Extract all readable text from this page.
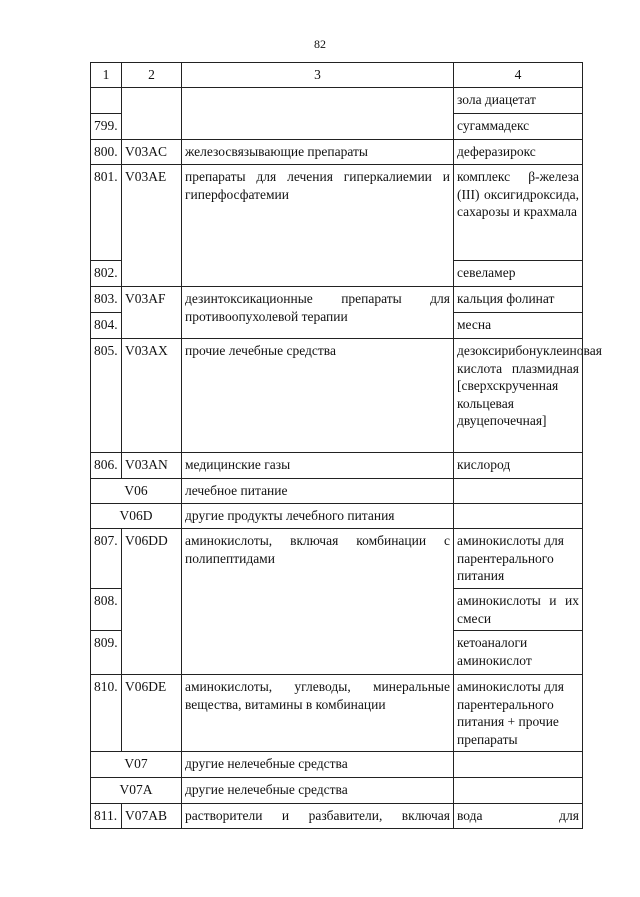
82
1	2	3	4
			зола диацетат
799.			сугаммадекс
800.	V03AC	железосвязывающие препараты	деферазирокс
801.	V03AE	препараты для лечения гиперкалиемии и гиперфосфатемии	комплекс β-железа (III) оксигидроксида, сахарозы и крахмала
802.			севеламер
803.	V03AF	дезинтоксикационные препараты для противоопухолевой терапии	кальция фолинат
804.			месна
805.	V03AX	прочие лечебные средства	дезоксирибонуклеиновая кислота плазмидная [сверхскрученная кольцевая двуцепочечная]
806.	V03AN	медицинские газы	кислород
V06		лечебное питание	
V06D		другие продукты лечебного питания	
807.	V06DD	аминокислоты, включая комбинации с полипептидами	аминокислоты для парентерального питания
808.			аминокислоты и их смеси
809.			кетоаналоги аминокислот
810.	V06DE	аминокислоты, углеводы, минеральные вещества, витамины в комбинации	аминокислоты для парентерального питания + прочие препараты
V07		другие нелечебные средства	
V07A		другие нелечебные средства	
811.	V07AB	растворители и разбавители, включая	вода для
